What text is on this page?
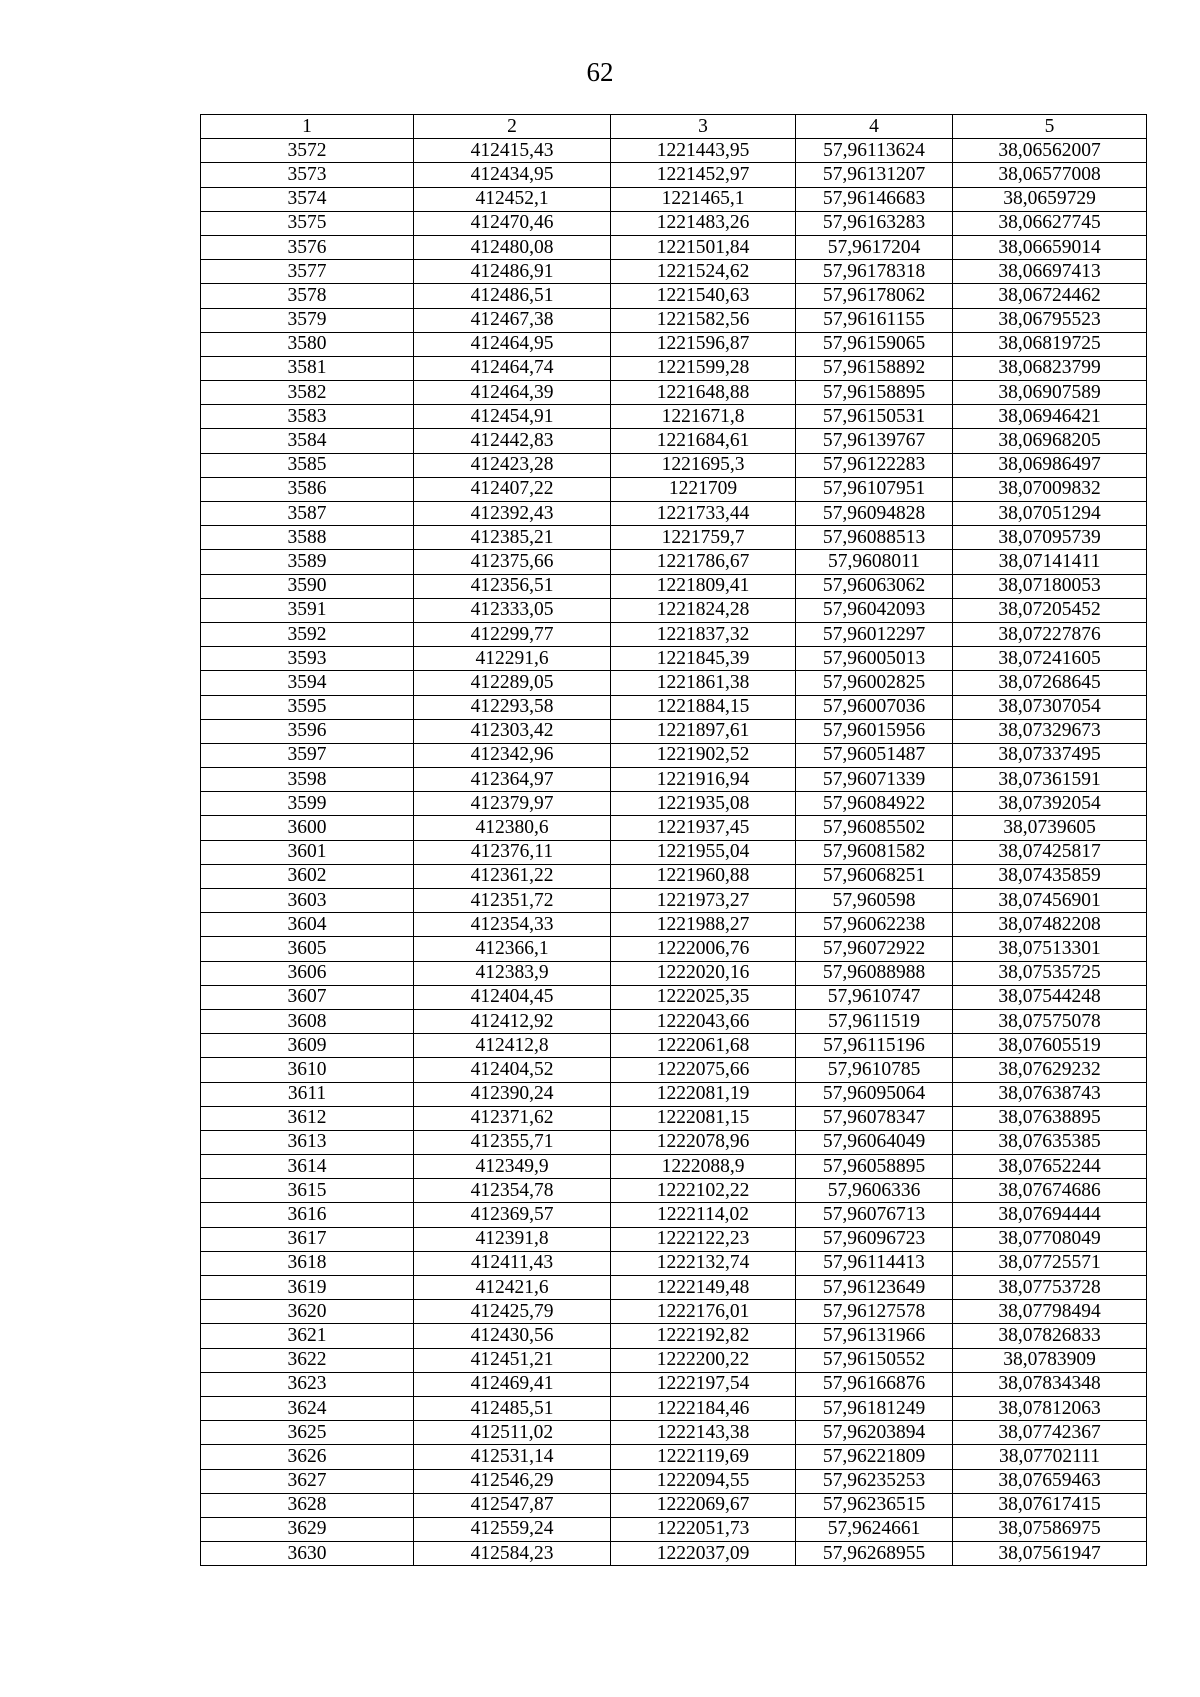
62
1	2	3	4	5
3572	412415,43	1221443,95	57,96113624	38,06562007
3573	412434,95	1221452,97	57,96131207	38,06577008
3574	412452,1	1221465,1	57,96146683	38,0659729
3575	412470,46	1221483,26	57,96163283	38,06627745
3576	412480,08	1221501,84	57,9617204	38,06659014
3577	412486,91	1221524,62	57,96178318	38,06697413
3578	412486,51	1221540,63	57,96178062	38,06724462
3579	412467,38	1221582,56	57,96161155	38,06795523
3580	412464,95	1221596,87	57,96159065	38,06819725
3581	412464,74	1221599,28	57,96158892	38,06823799
3582	412464,39	1221648,88	57,96158895	38,06907589
3583	412454,91	1221671,8	57,96150531	38,06946421
3584	412442,83	1221684,61	57,96139767	38,06968205
3585	412423,28	1221695,3	57,96122283	38,06986497
3586	412407,22	1221709	57,96107951	38,07009832
3587	412392,43	1221733,44	57,96094828	38,07051294
3588	412385,21	1221759,7	57,96088513	38,07095739
3589	412375,66	1221786,67	57,9608011	38,07141411
3590	412356,51	1221809,41	57,96063062	38,07180053
3591	412333,05	1221824,28	57,96042093	38,07205452
3592	412299,77	1221837,32	57,96012297	38,07227876
3593	412291,6	1221845,39	57,96005013	38,07241605
3594	412289,05	1221861,38	57,96002825	38,07268645
3595	412293,58	1221884,15	57,96007036	38,07307054
3596	412303,42	1221897,61	57,96015956	38,07329673
3597	412342,96	1221902,52	57,96051487	38,07337495
3598	412364,97	1221916,94	57,96071339	38,07361591
3599	412379,97	1221935,08	57,96084922	38,07392054
3600	412380,6	1221937,45	57,96085502	38,0739605
3601	412376,11	1221955,04	57,96081582	38,07425817
3602	412361,22	1221960,88	57,96068251	38,07435859
3603	412351,72	1221973,27	57,960598	38,07456901
3604	412354,33	1221988,27	57,96062238	38,07482208
3605	412366,1	1222006,76	57,96072922	38,07513301
3606	412383,9	1222020,16	57,96088988	38,07535725
3607	412404,45	1222025,35	57,9610747	38,07544248
3608	412412,92	1222043,66	57,9611519	38,07575078
3609	412412,8	1222061,68	57,96115196	38,07605519
3610	412404,52	1222075,66	57,9610785	38,07629232
3611	412390,24	1222081,19	57,96095064	38,07638743
3612	412371,62	1222081,15	57,96078347	38,07638895
3613	412355,71	1222078,96	57,96064049	38,07635385
3614	412349,9	1222088,9	57,96058895	38,07652244
3615	412354,78	1222102,22	57,9606336	38,07674686
3616	412369,57	1222114,02	57,96076713	38,07694444
3617	412391,8	1222122,23	57,96096723	38,07708049
3618	412411,43	1222132,74	57,96114413	38,07725571
3619	412421,6	1222149,48	57,96123649	38,07753728
3620	412425,79	1222176,01	57,96127578	38,07798494
3621	412430,56	1222192,82	57,96131966	38,07826833
3622	412451,21	1222200,22	57,96150552	38,0783909
3623	412469,41	1222197,54	57,96166876	38,07834348
3624	412485,51	1222184,46	57,96181249	38,07812063
3625	412511,02	1222143,38	57,96203894	38,07742367
3626	412531,14	1222119,69	57,96221809	38,07702111
3627	412546,29	1222094,55	57,96235253	38,07659463
3628	412547,87	1222069,67	57,96236515	38,07617415
3629	412559,24	1222051,73	57,9624661	38,07586975
3630	412584,23	1222037,09	57,96268955	38,07561947
